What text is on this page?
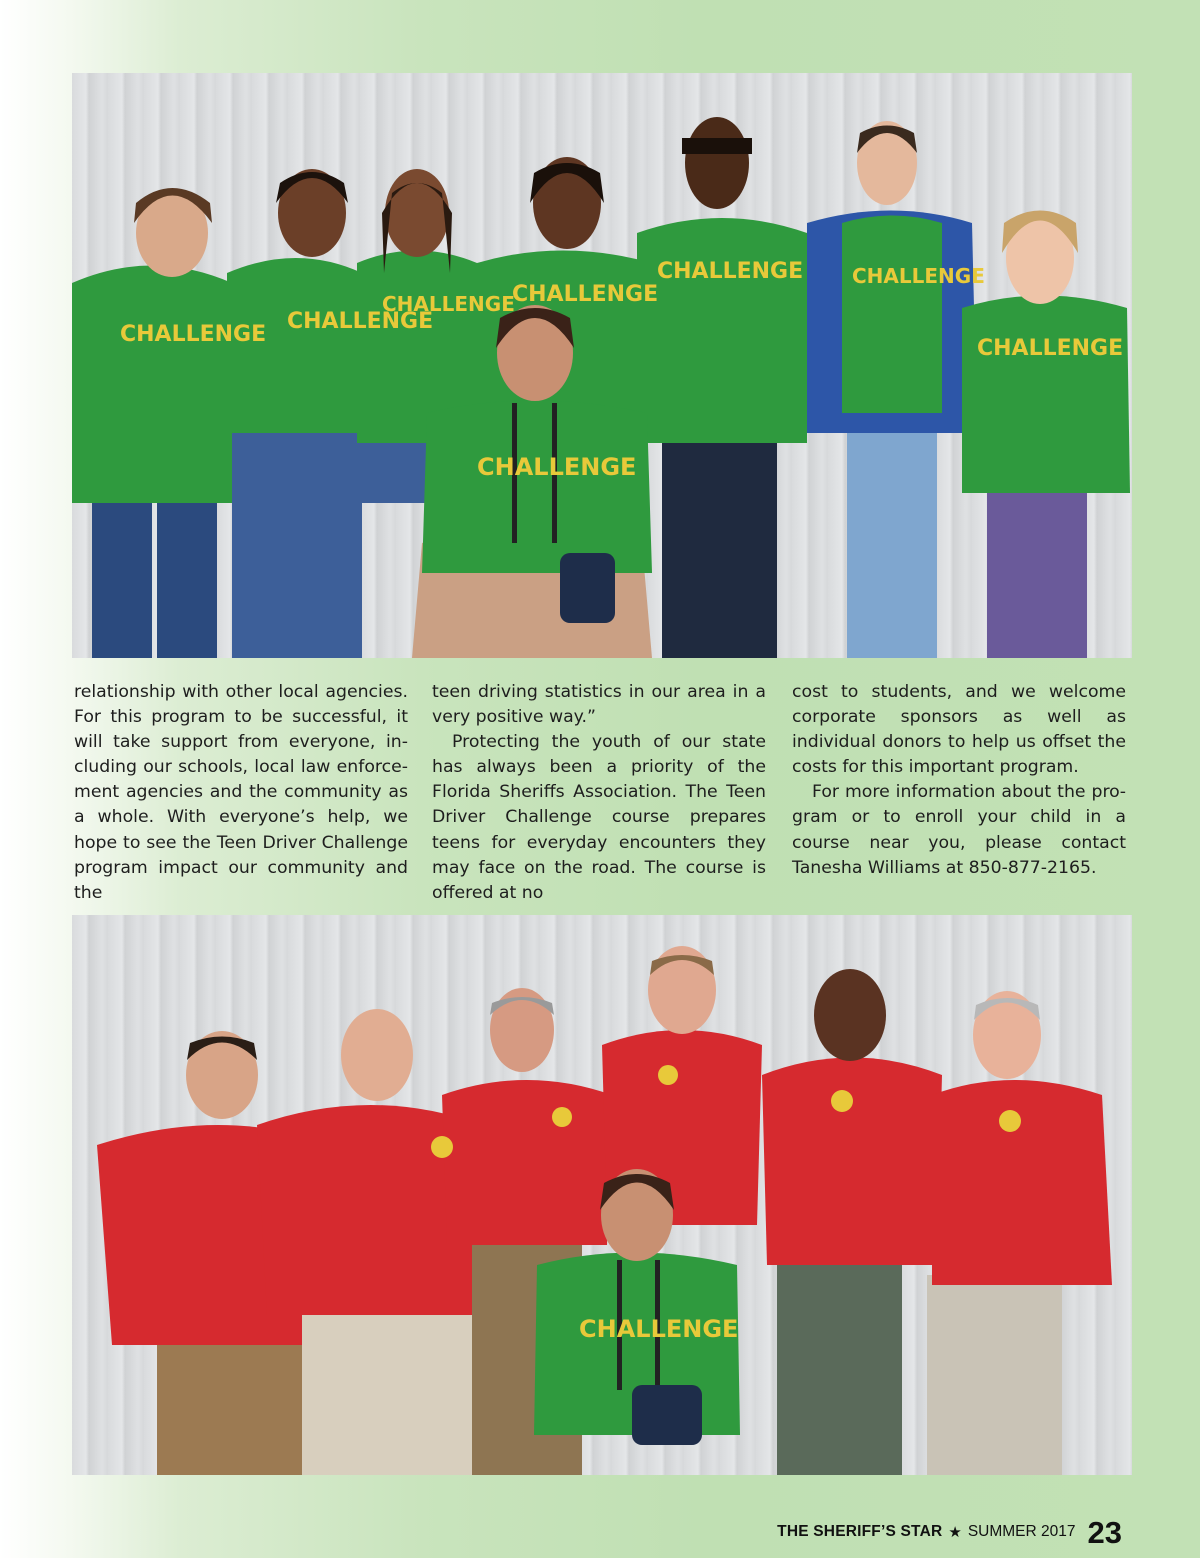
CHALLENGE
CHALLENGE
CHALLENGE
CHALLENGE
CHALLENGE CHALLENGE
CHALLENGE
CHALLENGE

relationship with other local agencies. For this program to be successful, it will take support from everyone, including our schools, local law enforcement agencies and the community as a whole. With everyone’s help, we hope to see the Teen Driver Challenge program impact our community and the

teen driving statistics in our area in a very positive way.”

Protecting the youth of our state has always been a priority of the Florida Sheriffs Association. The Teen Driver Challenge course prepares teens for everyday encounters they may face on the road. The course is offered at no

cost to students, and we welcome corporate sponsors as well as individual donors to help us offset the costs for this important program.

For more information about the program or to enroll your child in a course near you, please contact Tanesha Williams at 850-877-2165.

CHALLENGE
THE SHERIFF’S STAR ★ SUMMER 2017 23
